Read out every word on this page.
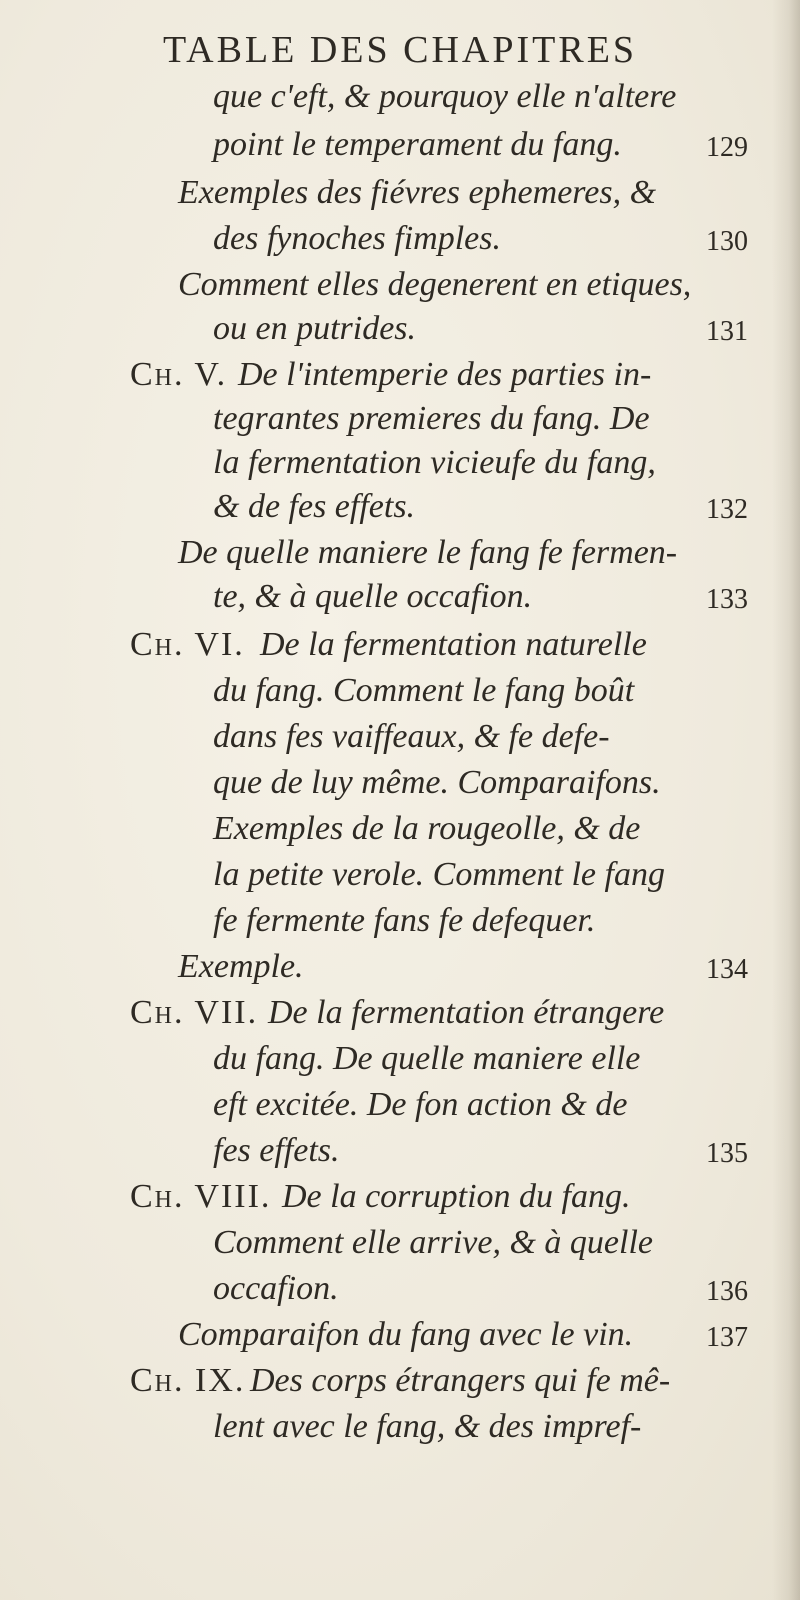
TABLE DES CHAPITRES
que c'eft, & pourquoy elle n'altere
point le temperament du fang.	129
Exemples des fiévres ephemeres, &
des fynoches fimples.	130
Comment elles degenerent en etiques,
ou en putrides.	131
Ch. V. De l'intemperie des parties in-
tegrantes premieres du fang. De
la fermentation vicieufe du fang,
& de fes effets.	132
De quelle maniere le fang fe fermen-
te, & à quelle occafion.	133
Ch. VI. De la fermentation naturelle
du fang. Comment le fang boût
dans fes vaiffeaux, & fe defe-
que de luy même. Comparaifons.
Exemples de la rougeolle, & de
la petite verole. Comment le fang
fe fermente fans fe defequer.
Exemple.	134
Ch. VII. De la fermentation étrangere
du fang. De quelle maniere elle
eft excitée. De fon action & de
fes effets.	135
Ch. VIII. De la corruption du fang.
Comment elle arrive, & à quelle
occafion.	136
Comparaifon du fang avec le vin.	137
Ch. IX. Des corps étrangers qui fe mê-
lent avec le fang, & des impref-
